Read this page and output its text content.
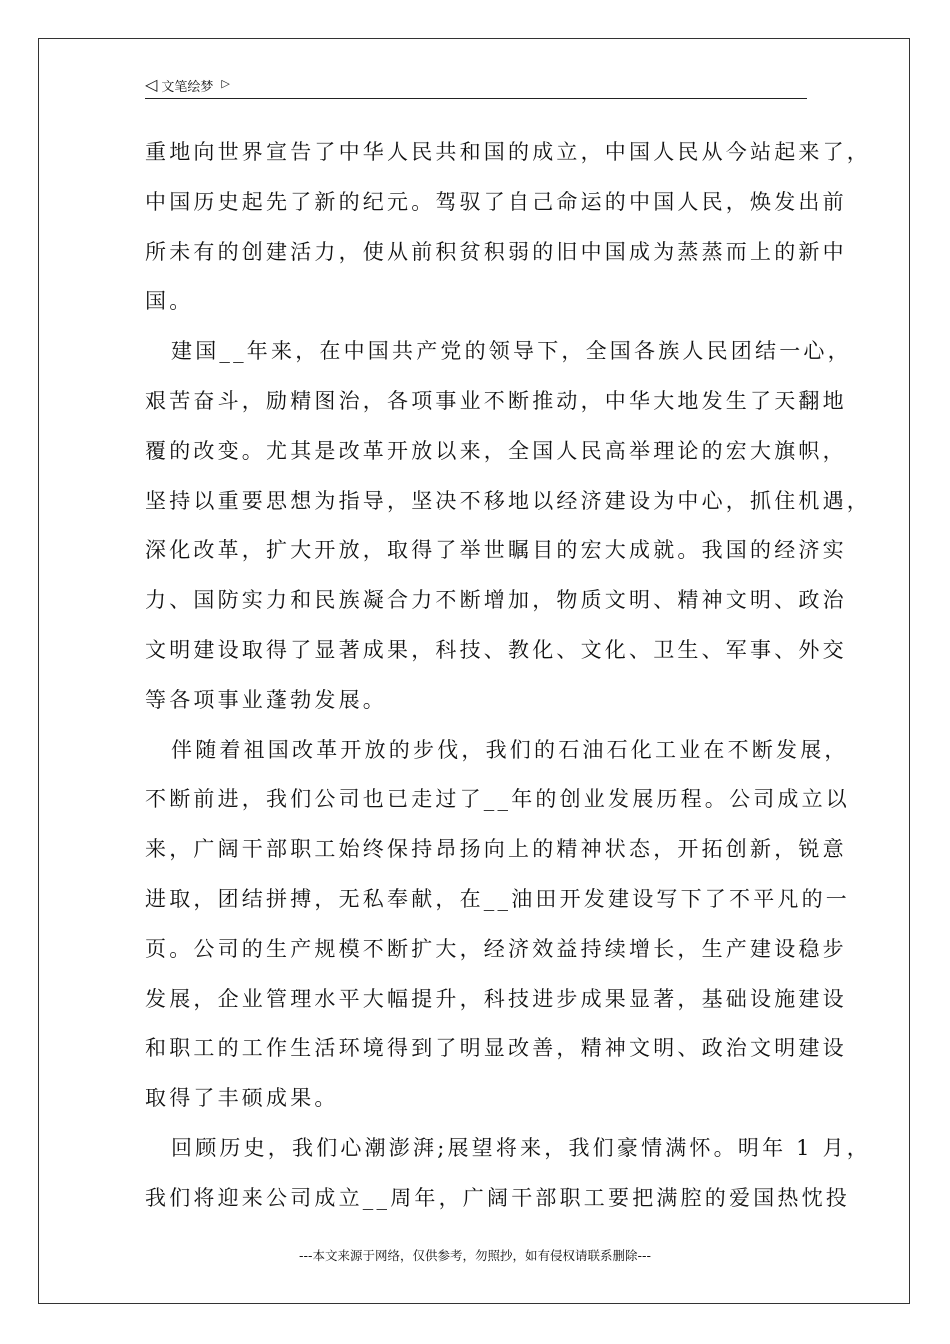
◁ 文笔绘梦 ▷
重地向世界宣告了中华人民共和国的成立，中国人民从今站起来了，
中国历史起先了新的纪元。驾驭了自己命运的中国人民，焕发出前
所未有的创建活力，使从前积贫积弱的旧中国成为蒸蒸而上的新中
国。
建国__年来，在中国共产党的领导下，全国各族人民团结一心，
艰苦奋斗，励精图治，各项事业不断推动，中华大地发生了天翻地
覆的改变。尤其是改革开放以来，全国人民高举理论的宏大旗帜，
坚持以重要思想为指导，坚决不移地以经济建设为中心，抓住机遇，
深化改革，扩大开放，取得了举世瞩目的宏大成就。我国的经济实
力、国防实力和民族凝合力不断增加，物质文明、精神文明、政治
文明建设取得了显著成果，科技、教化、文化、卫生、军事、外交
等各项事业蓬勃发展。
伴随着祖国改革开放的步伐，我们的石油石化工业在不断发展，
不断前进，我们公司也已走过了__年的创业发展历程。公司成立以
来，广阔干部职工始终保持昂扬向上的精神状态，开拓创新，锐意
进取，团结拼搏，无私奉献，在__油田开发建设写下了不平凡的一
页。公司的生产规模不断扩大，经济效益持续增长，生产建设稳步
发展，企业管理水平大幅提升，科技进步成果显著，基础设施建设
和职工的工作生活环境得到了明显改善，精神文明、政治文明建设
取得了丰硕成果。
回顾历史，我们心潮澎湃;展望将来，我们豪情满怀。明年 1 月，
我们将迎来公司成立__周年，广阔干部职工要把满腔的爱国热忱投
---本文来源于网络，仅供参考，勿照抄，如有侵权请联系删除---
